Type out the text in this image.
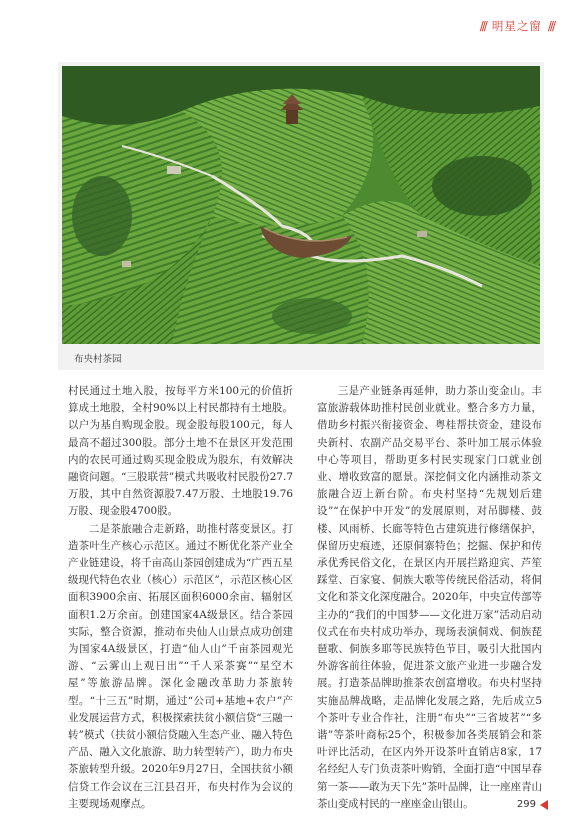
/// 明星之窗 ///
布央村茶园

村民通过土地入股，按每平方米100元的价值折算成土地股，全村90%以上村民都持有土地股。以户为基自购现金股。现金股每股100元，每人最高不超过300股。部分土地不在景区开发范围内的农民可通过购买现金股成为股东，有效解决融资问题。“三股联营”模式共吸收村民股份27.7万股，其中自然资源股7.47万股、土地股19.76万股、现金股4700股。

二是茶旅融合走新路，助推村落变景区。打造茶叶生产核心示范区。通过不断优化茶产业全产业链建设，将千亩高山茶园创建成为“广西五星级现代特色农业（核心）示范区”，示范区核心区面积3900余亩、拓展区面积6000余亩、辐射区面积1.2万余亩。创建国家4A级景区。结合茶园实际，整合资源，推动布央仙人山景点成功创建为国家4A级景区，打造“仙人山”千亩茶园观光游、“云雾山上观日出”“千人采茶赛”“星空木屋”等旅游品牌。深化金融改革助力茶旅转型。“十三五”时期，通过“公司+基地+农户”产业发展运营方式，积极探索扶贫小额信贷“三融一转”模式（扶贫小额信贷融入生态产业、融入特色产品、融入文化旅游、助力转型转产），助力布央茶旅转型升级。2020年9月27日，全国扶贫小额信贷工作会议在三江县召开，布央村作为会议的主要现场观摩点。

三是产业链条再延伸，助力茶山变金山。丰富旅游载体助推村民创业就业。整合多方力量，借助乡村振兴衔接资金、粤桂帮扶资金，建设布央新村、农副产品交易平台、茶叶加工展示体验中心等项目，帮助更多村民实现家门口就业创业、增收致富的愿景。深挖侗文化内涵推动茶文旅融合迈上新台阶。布央村坚持“先规划后建设”“在保护中开发”的发展原则，对吊脚楼、鼓楼、风雨桥、长廊等特色古建筑进行修缮保护，保留历史痕迹，还原侗寨特色；挖掘、保护和传承优秀民俗文化，在景区内开展拦路迎宾、芦笙踩堂、百家宴、侗族大歌等传统民俗活动，将侗文化和茶文化深度融合。2020年，中央宣传部等主办的“我们的中国梦——文化进万家”活动启动仪式在布央村成功举办，现场表演侗戏、侗族琵琶歌、侗族多耶等民族特色节目，吸引大批国内外游客前往体验，促进茶文旅产业进一步融合发展。打造茶品牌助推茶农创富增收。布央村坚持实施品牌战略，走品牌化发展之路，先后成立5个茶叶专业合作社，注册“布央”“三省坡茗”“多谐”等茶叶商标25个，积极参加各类展销会和茶叶评比活动，在区内外开设茶叶直销店8家，17名经纪人专门负责茶叶购销，全面打造“中国早春第一茶——敢为天下先”茶叶品牌，让一座座青山茶山变成村民的一座座金山银山。	299
